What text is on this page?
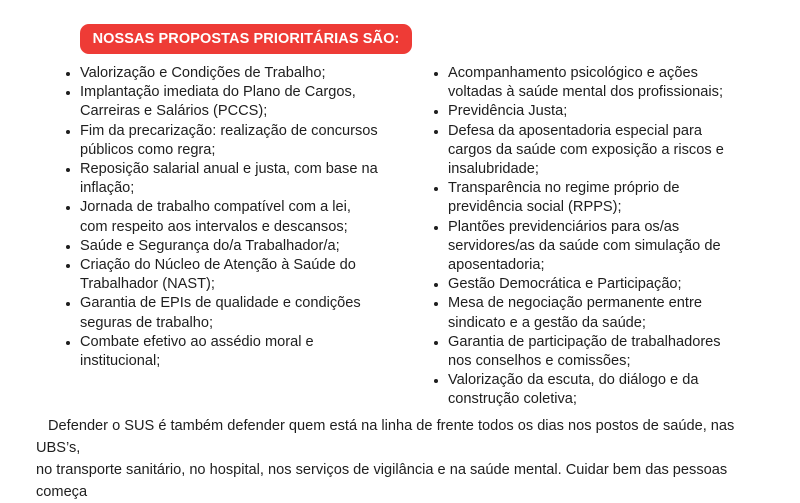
NOSSAS PROPOSTAS PRIORITÁRIAS SÃO:
• Valorização e Condições de Trabalho;
• Implantação imediata do Plano de Cargos,
Carreiras e Salários (PCCS);
• Fim da precarização: realização de concursos
públicos como regra;
• Reposição salarial anual e justa, com base na
inflação;
• Jornada de trabalho compatível com a lei,
com respeito aos intervalos e descansos;
• Saúde e Segurança do/a Trabalhador/a;
• Criação do Núcleo de Atenção à Saúde do
Trabalhador (NAST);
• Garantia de EPIs de qualidade e condições
seguras de trabalho;
• Combate efetivo ao assédio moral e
institucional;
• Acompanhamento psicológico e ações
voltadas à saúde mental dos profissionais;
• Previdência Justa;
• Defesa da aposentadoria especial para
cargos da saúde com exposição a riscos e
insalubridade;
• Transparência no regime próprio de
previdência social (RPPS);
• Plantões previdenciários para os/as
servidores/as da saúde com simulação de
aposentadoria;
• Gestão Democrática e Participação;
• Mesa de negociação permanente entre
sindicato e a gestão da saúde;
• Garantia de participação de trabalhadores
nos conselhos e comissões;
• Valorização da escuta, do diálogo e da
construção coletiva;

Defender o SUS é também defender quem está na linha de frente todos os dias nos postos de saúde, nas UBS’s,
no transporte sanitário, no hospital, nos serviços de vigilância e na saúde mental. Cuidar bem das pessoas começa
